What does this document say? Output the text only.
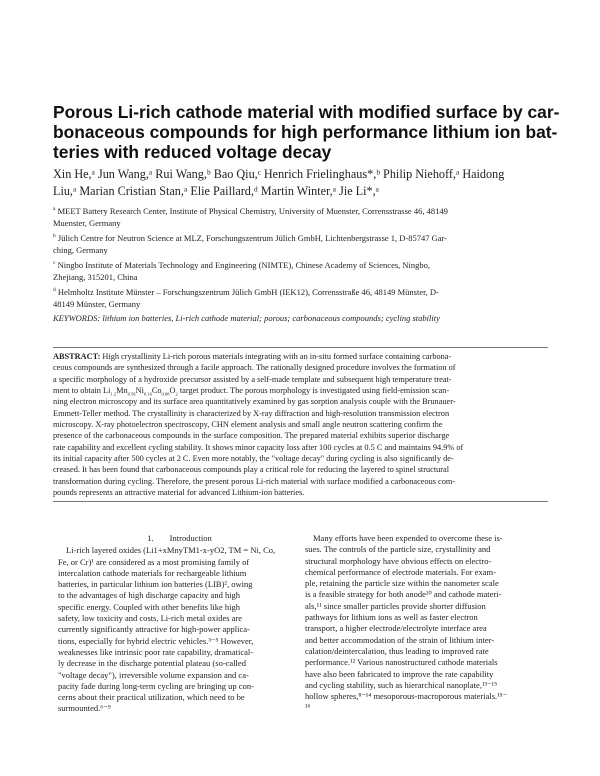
Porous Li-rich cathode material with modified surface by car-
bonaceous compounds for high performance lithium ion bat-
teries with reduced voltage decay
Xin He,ᵃ Jun Wang,ᵃ Rui Wang,ᵇ Bao Qiu,ᶜ Henrich Frielinghaus*,ᵇ Philip Niehoff,ᵃ Haidong
Liu,ᵃ Marian Cristian Stan,ᵃ Elie Paillard,ᵈ Martin Winter,ᵃ Jie Li*,ᵃ
$^a$ MEET Battery Research Center, Institute of Physical Chemistry, University of Muenster, Corrensstrasse 46, 48149
Muenster, Germany
$^b$ Jülich Centre for Neutron Science at MLZ, Forschungszentrum Jülich GmbH, Lichtenbergstrasse 1, D-85747 Gar-
ching, Germany
$^c$ Ningbo Institute of Materials Technology and Engineering (NIMTE), Chinese Academy of Sciences, Ningbo,
Zhejiang, 315201, China
$^d$ Helmholtz Institute Münster – Forschungszentrum Jülich GmbH (IEK12), Corrensstraße 46, 48149 Münster, D-
48149 Münster, Germany
KEYWORDS: lithium ion batteries, Li-rich cathode material; porous; carbonaceous compounds; cycling stability
ABSTRACT: High crystallinity Li-rich porous materials integrating with an in-situ formed surface containing carbona-
ceous compounds are synthesized through a facile approach. The rationally designed procedure involves the formation of
a specific morphology of a hydroxide precursor assisted by a self-made template and subsequent high temperature treat-
ment to obtain $Li_{1.2}Mn_{0.56}Ni_{0.16}Co_{0.08}O_2$ target product. The porous morphology is investigated using field-emission scan-
ning electron microscopy and its surface area quantitatively examined by gas sorption analysis couple with the Brunauer-
Emmett-Teller method. The crystallinity is characterized by X-ray diffraction and high-resolution transmission electron
microscopy. X-ray photoelectron spectroscopy, CHN element analysis and small angle neutron scattering confirm the
presence of the carbonaceous compounds in the surface composition. The prepared material exhibits superior discharge
rate capability and excellent cycling stability. It shows minor capacity loss after 100 cycles at 0.5 C and maintains 94.9% of
its initial capacity after 500 cycles at 2 C. Even more notably, the "voltage decay" during cycling is also significantly de-
creased. It has been found that carbonaceous compounds play a critical role for reducing the layered to spinel structural
transformation during cycling. Therefore, the present porous Li-rich material with surface modified a carbonaceous com-
pounds represents an attractive material for advanced Lithium-ion batteries.
1. Introduction
Li-rich layered oxides (Li1+xMnyTM1-x-yO2, TM = Ni, Co,
Fe, or Cr)¹ are considered as a most promising family of
intercalation cathode materials for rechargeable lithium
batteries, in particular lithium ion batteries (LIB)², owing
to the advantages of high discharge capacity and high
specific energy. Coupled with other benefits like high
safety, low toxicity and costs, Li-rich metal oxides are
currently significantly attractive for high-power applica-
tions, especially for hybrid electric vehicles.³⁻⁵ However,
weaknesses like intrinsic poor rate capability, dramatical-
ly decrease in the discharge potential plateau (so-called
"voltage decay"), irreversible volume expansion and ca-
pacity fade during long-term cycling are bringing up con-
cerns about their practical utilization, which need to be
surmounted.⁶⁻⁹
Many efforts have been expended to overcome these is-
sues. The controls of the particle size, crystallinity and
structural morphology have obvious effects on electro-
chemical performance of electrode materials. For exam-
ple, retaining the particle size within the nanometer scale
is a feasible strategy for both anode¹⁰ and cathode materi-
als,¹¹ since smaller particles provide shorter diffusion
pathways for lithium ions as well as faster electron
transport, a higher electrode/electrolyte interface area
and better accommodation of the strain of lithium inter-
calation/deintercalation, thus leading to improved rate
performance.¹² Various nanostructured cathode materials
have also been fabricated to improve the rate capability
and cycling stability, such as hierarchical nanoplate,¹³⁻¹⁵
hollow spheres,⁸⁻¹⁴ mesoporous-macroporous materials.¹⁵⁻
¹⁶
